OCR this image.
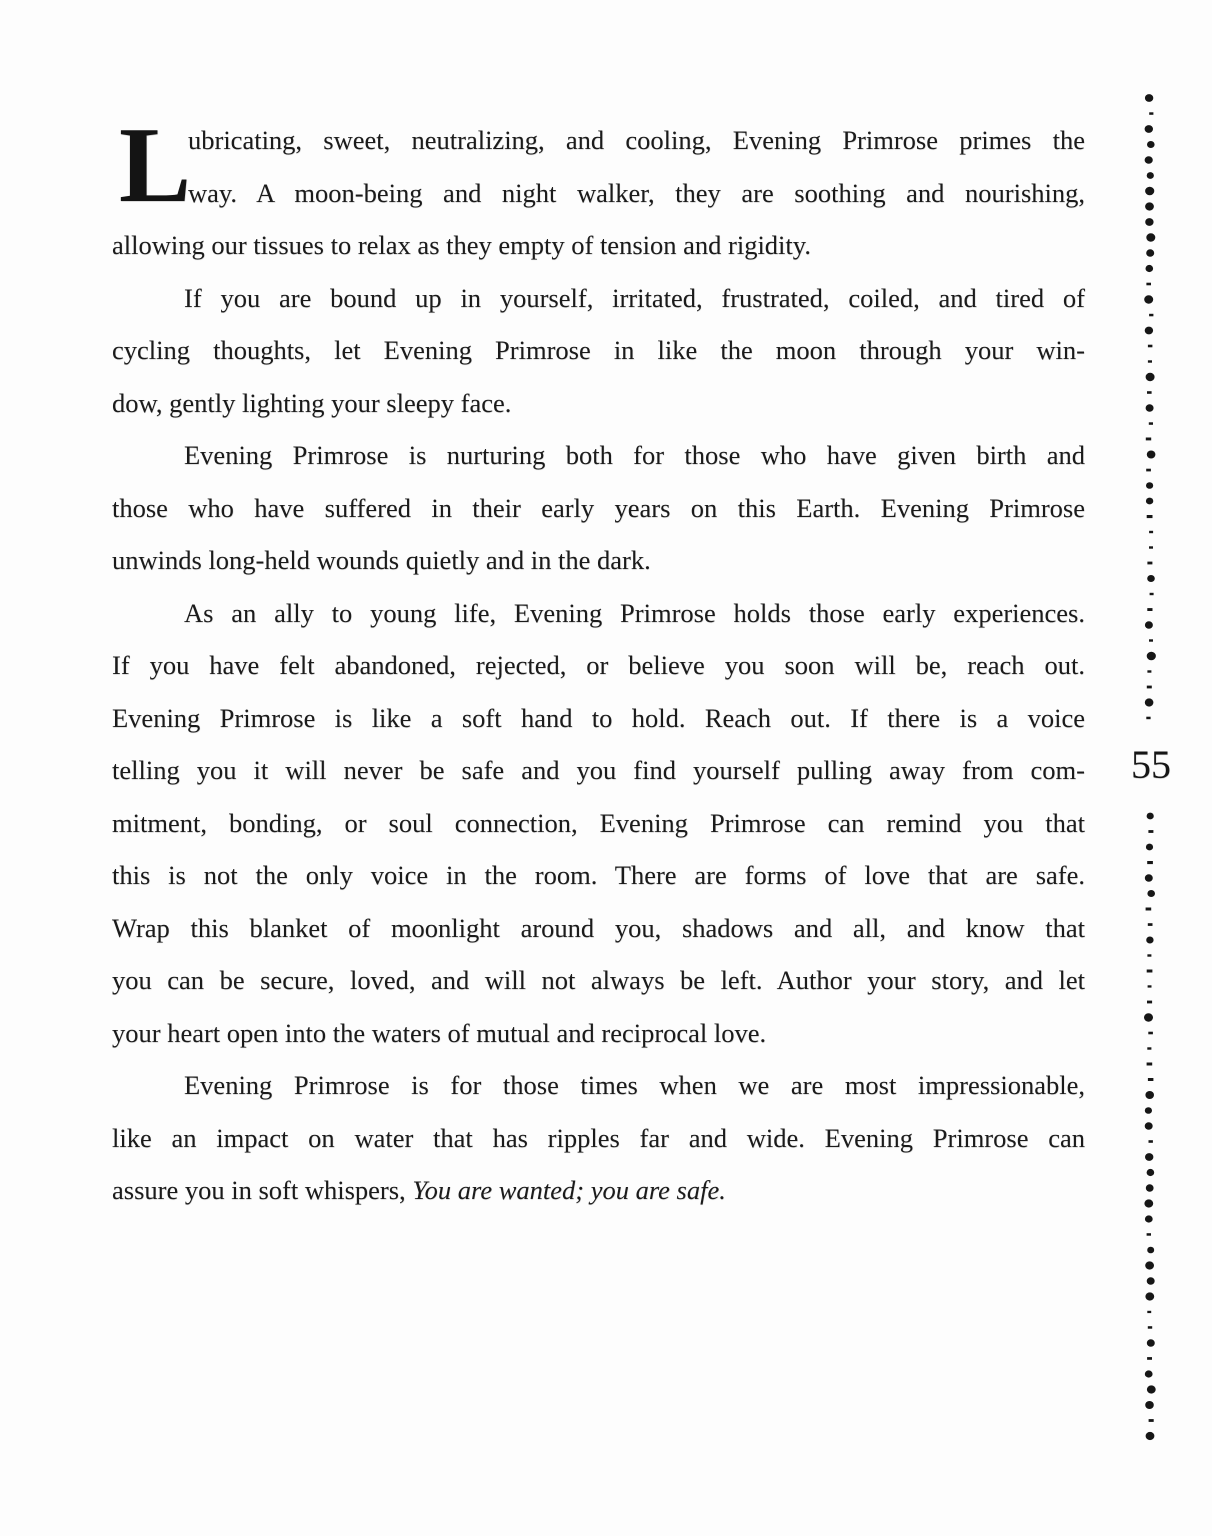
L
ubricating, sweet, neutralizing, and cooling, Evening Primrose primes the
way. A moon-being and night walker, they are soothing and nourishing,
allowing our tissues to relax as they empty of tension and rigidity.
If you are bound up in yourself, irritated, frustrated, coiled, and tired of
cycling thoughts, let Evening Primrose in like the moon through your win-
dow, gently lighting your sleepy face.
Evening Primrose is nurturing both for those who have given birth and
those who have suffered in their early years on this Earth. Evening Primrose
unwinds long-held wounds quietly and in the dark.
As an ally to young life, Evening Primrose holds those early experiences.
If you have felt abandoned, rejected, or believe you soon will be, reach out.
Evening Primrose is like a soft hand to hold. Reach out. If there is a voice
telling you it will never be safe and you find yourself pulling away from com-
mitment, bonding, or soul connection, Evening Primrose can remind you that
this is not the only voice in the room. There are forms of love that are safe.
Wrap this blanket of moonlight around you, shadows and all, and know that
you can be secure, loved, and will not always be left. Author your story, and let
your heart open into the waters of mutual and reciprocal love.
Evening Primrose is for those times when we are most impressionable,
like an impact on water that has ripples far and wide. Evening Primrose can
assure you in soft whispers, You are wanted; you are safe.
55
